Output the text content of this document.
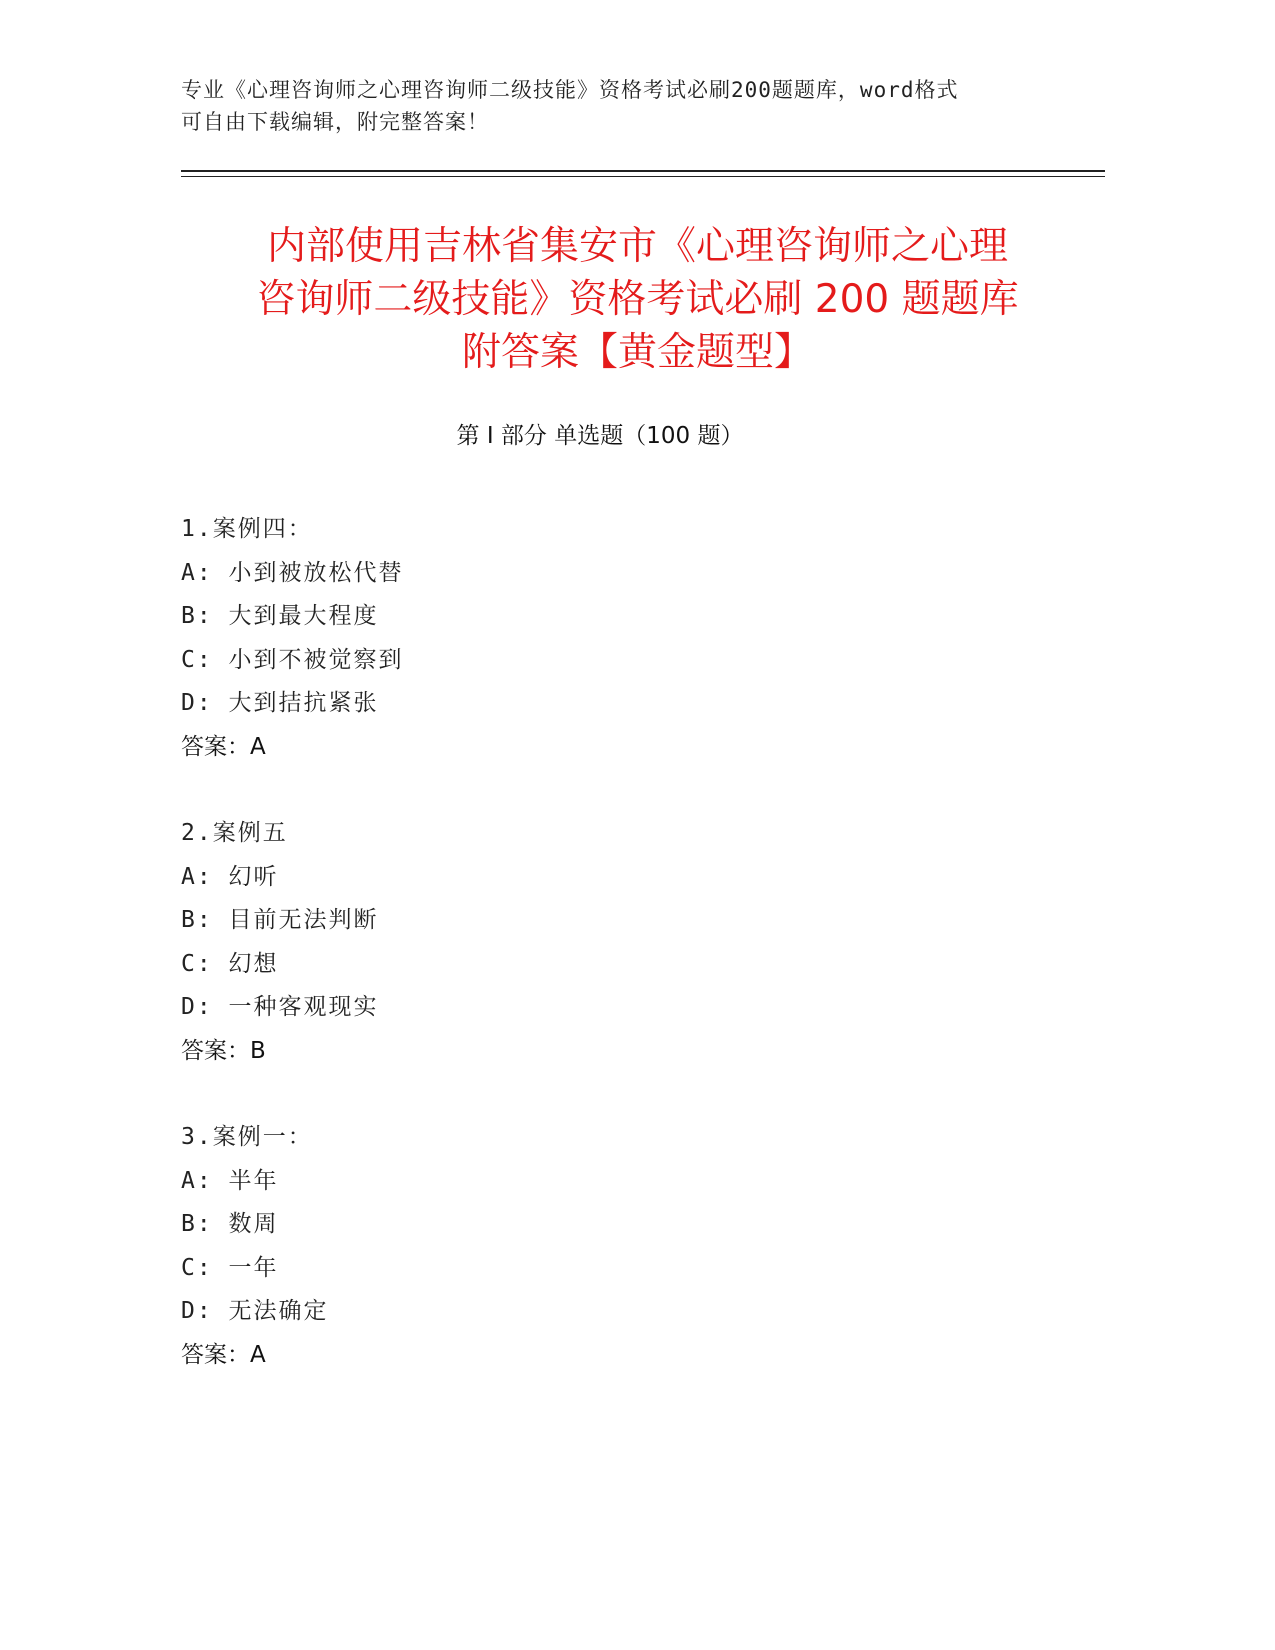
专业《心理咨询师之心理咨询师二级技能》资格考试必刷200题题库，word格式
可自由下载编辑，附完整答案！
内部使用吉林省集安市《心理咨询师之心理
咨询师二级技能》资格考试必刷 200 题题库
附答案【黄金题型】
第 I 部分 单选题（100 题）
1.案例四：
A: 小到被放松代替
B: 大到最大程度
C: 小到不被觉察到
D: 大到拮抗紧张
答案：A
2.案例五
A: 幻听
B: 目前无法判断
C: 幻想
D: 一种客观现实
答案：B
3.案例一：
A: 半年
B: 数周
C: 一年
D: 无法确定
答案：A
